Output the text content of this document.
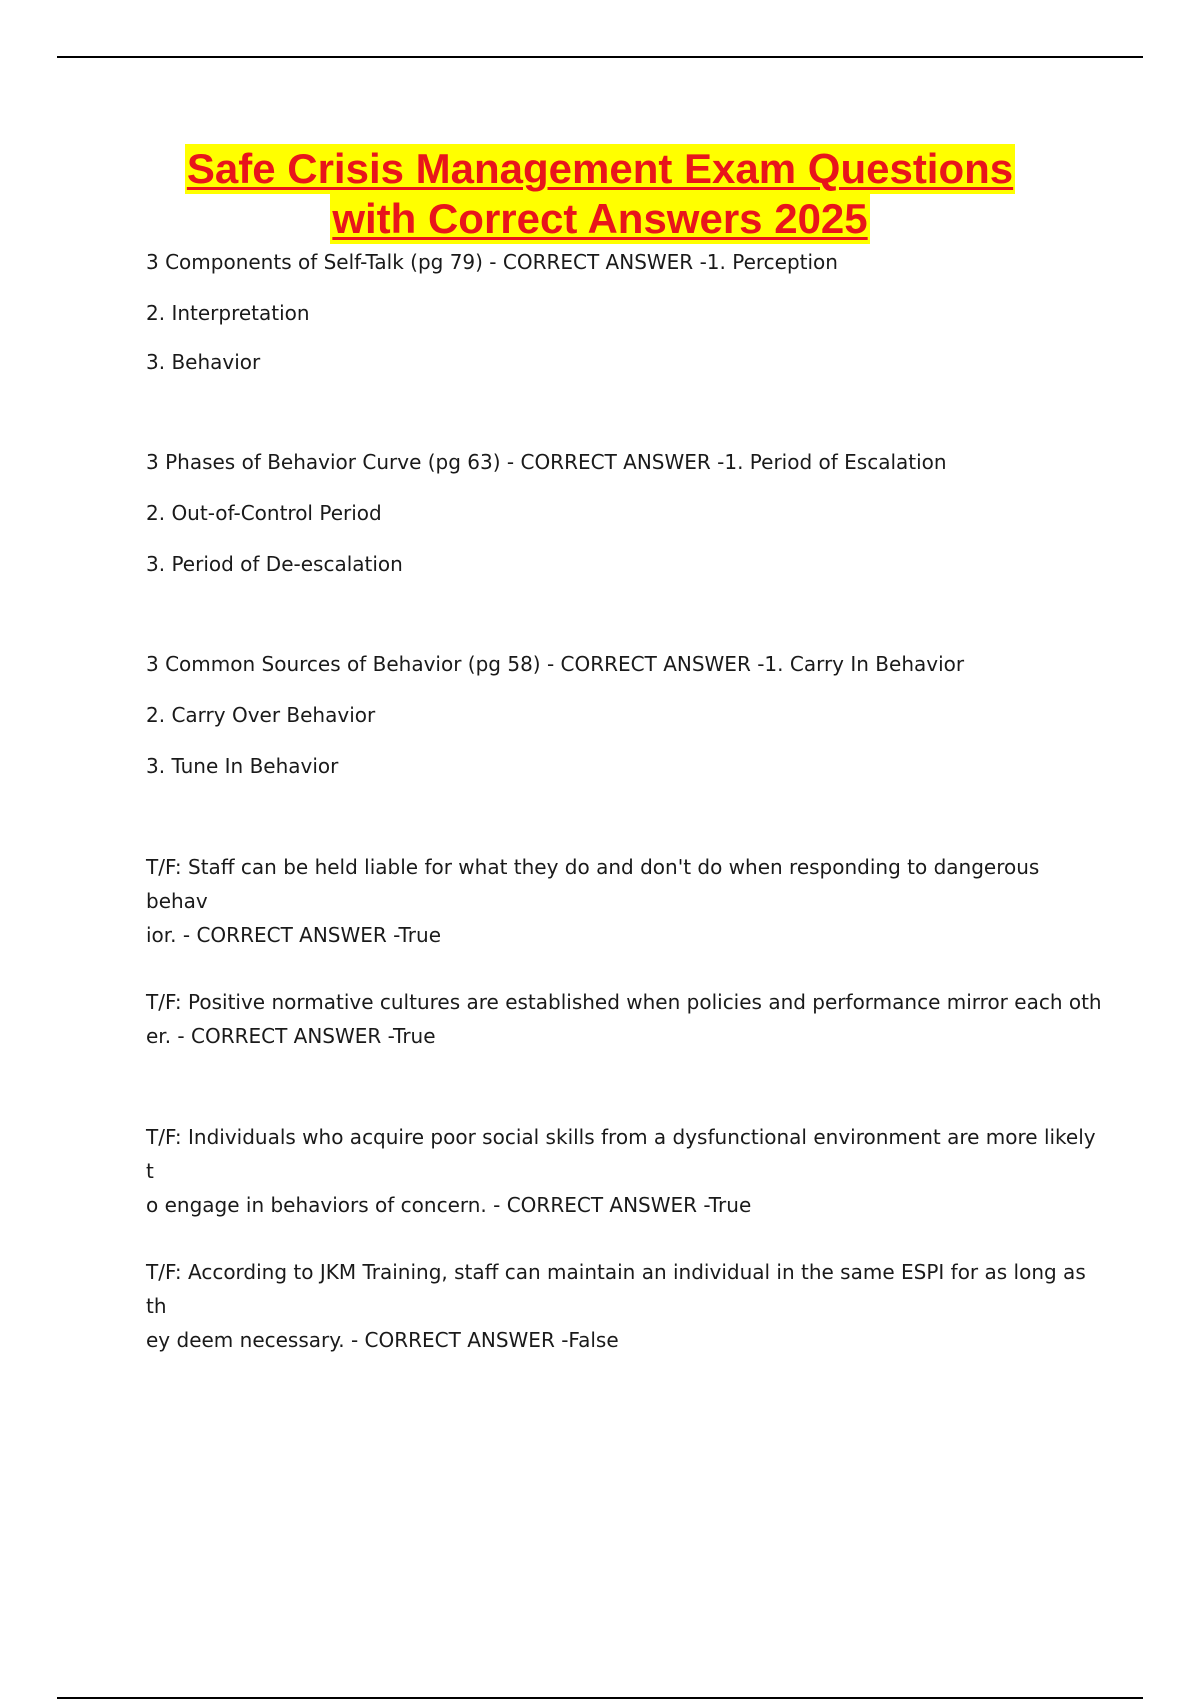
Safe Crisis Management Exam Questions
with Correct Answers 2025

3 Components of Self-Talk (pg 79) - CORRECT ANSWER -1. Perception

2. Interpretation

3. Behavior

3 Phases of Behavior Curve (pg 63) - CORRECT ANSWER -1. Period of Escalation

2. Out-of-Control Period

3. Period of De-escalation

3 Common Sources of Behavior (pg 58) - CORRECT ANSWER -1. Carry In Behavior

2. Carry Over Behavior

3. Tune In Behavior

T/F: Staff can be held liable for what they do and don't do when responding to dangerous behav
ior. - CORRECT ANSWER -True

T/F: Positive normative cultures are established when policies and performance mirror each oth
er. - CORRECT ANSWER -True

T/F: Individuals who acquire poor social skills from a dysfunctional environment are more likely t
o engage in behaviors of concern. - CORRECT ANSWER -True

T/F: According to JKM Training, staff can maintain an individual in the same ESPI for as long as th
ey deem necessary. - CORRECT ANSWER -False
